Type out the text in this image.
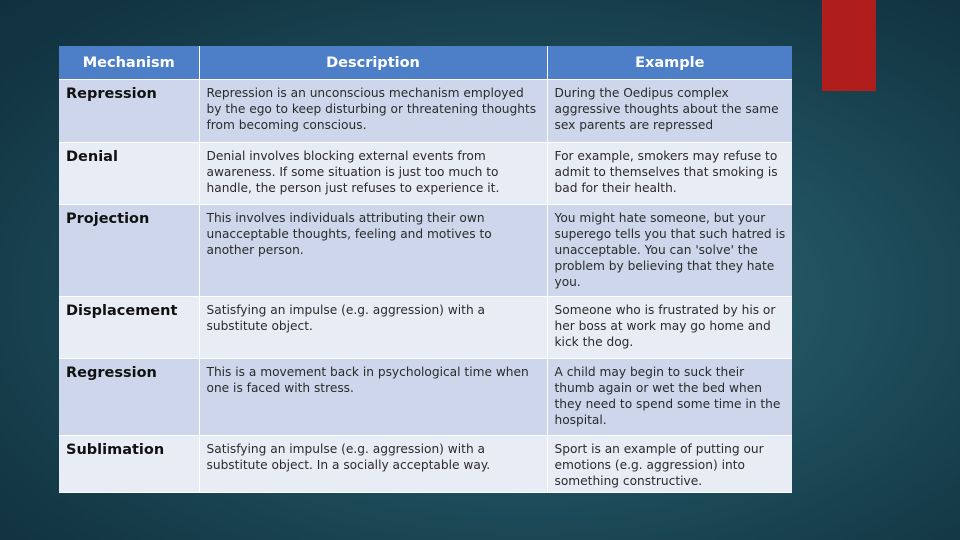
Mechanism	Description	Example
Repression	Repression is an unconscious mechanism employed by the ego to keep disturbing or threatening thoughts from becoming conscious.	During the Oedipus complex aggressive thoughts about the same sex parents are repressed
Denial	Denial involves blocking external events from awareness. If some situation is just too much to handle, the person just refuses to experience it.	For example, smokers may refuse to admit to themselves that smoking is bad for their health.
Projection	This involves individuals attributing their own unacceptable thoughts, feeling and motives to another person.	You might hate someone, but your superego tells you that such hatred is unacceptable. You can 'solve' the problem by believing that they hate you.
Displacement	Satisfying an impulse (e.g. aggression) with a substitute object.	Someone who is frustrated by his or her boss at work may go home and kick the dog.
Regression	This is a movement back in psychological time when one is faced with stress.	A child may begin to suck their thumb again or wet the bed when they need to spend some time in the hospital.
Sublimation	Satisfying an impulse (e.g. aggression) with a substitute object. In a socially acceptable way.	Sport is an example of putting our emotions (e.g. aggression) into something constructive.
